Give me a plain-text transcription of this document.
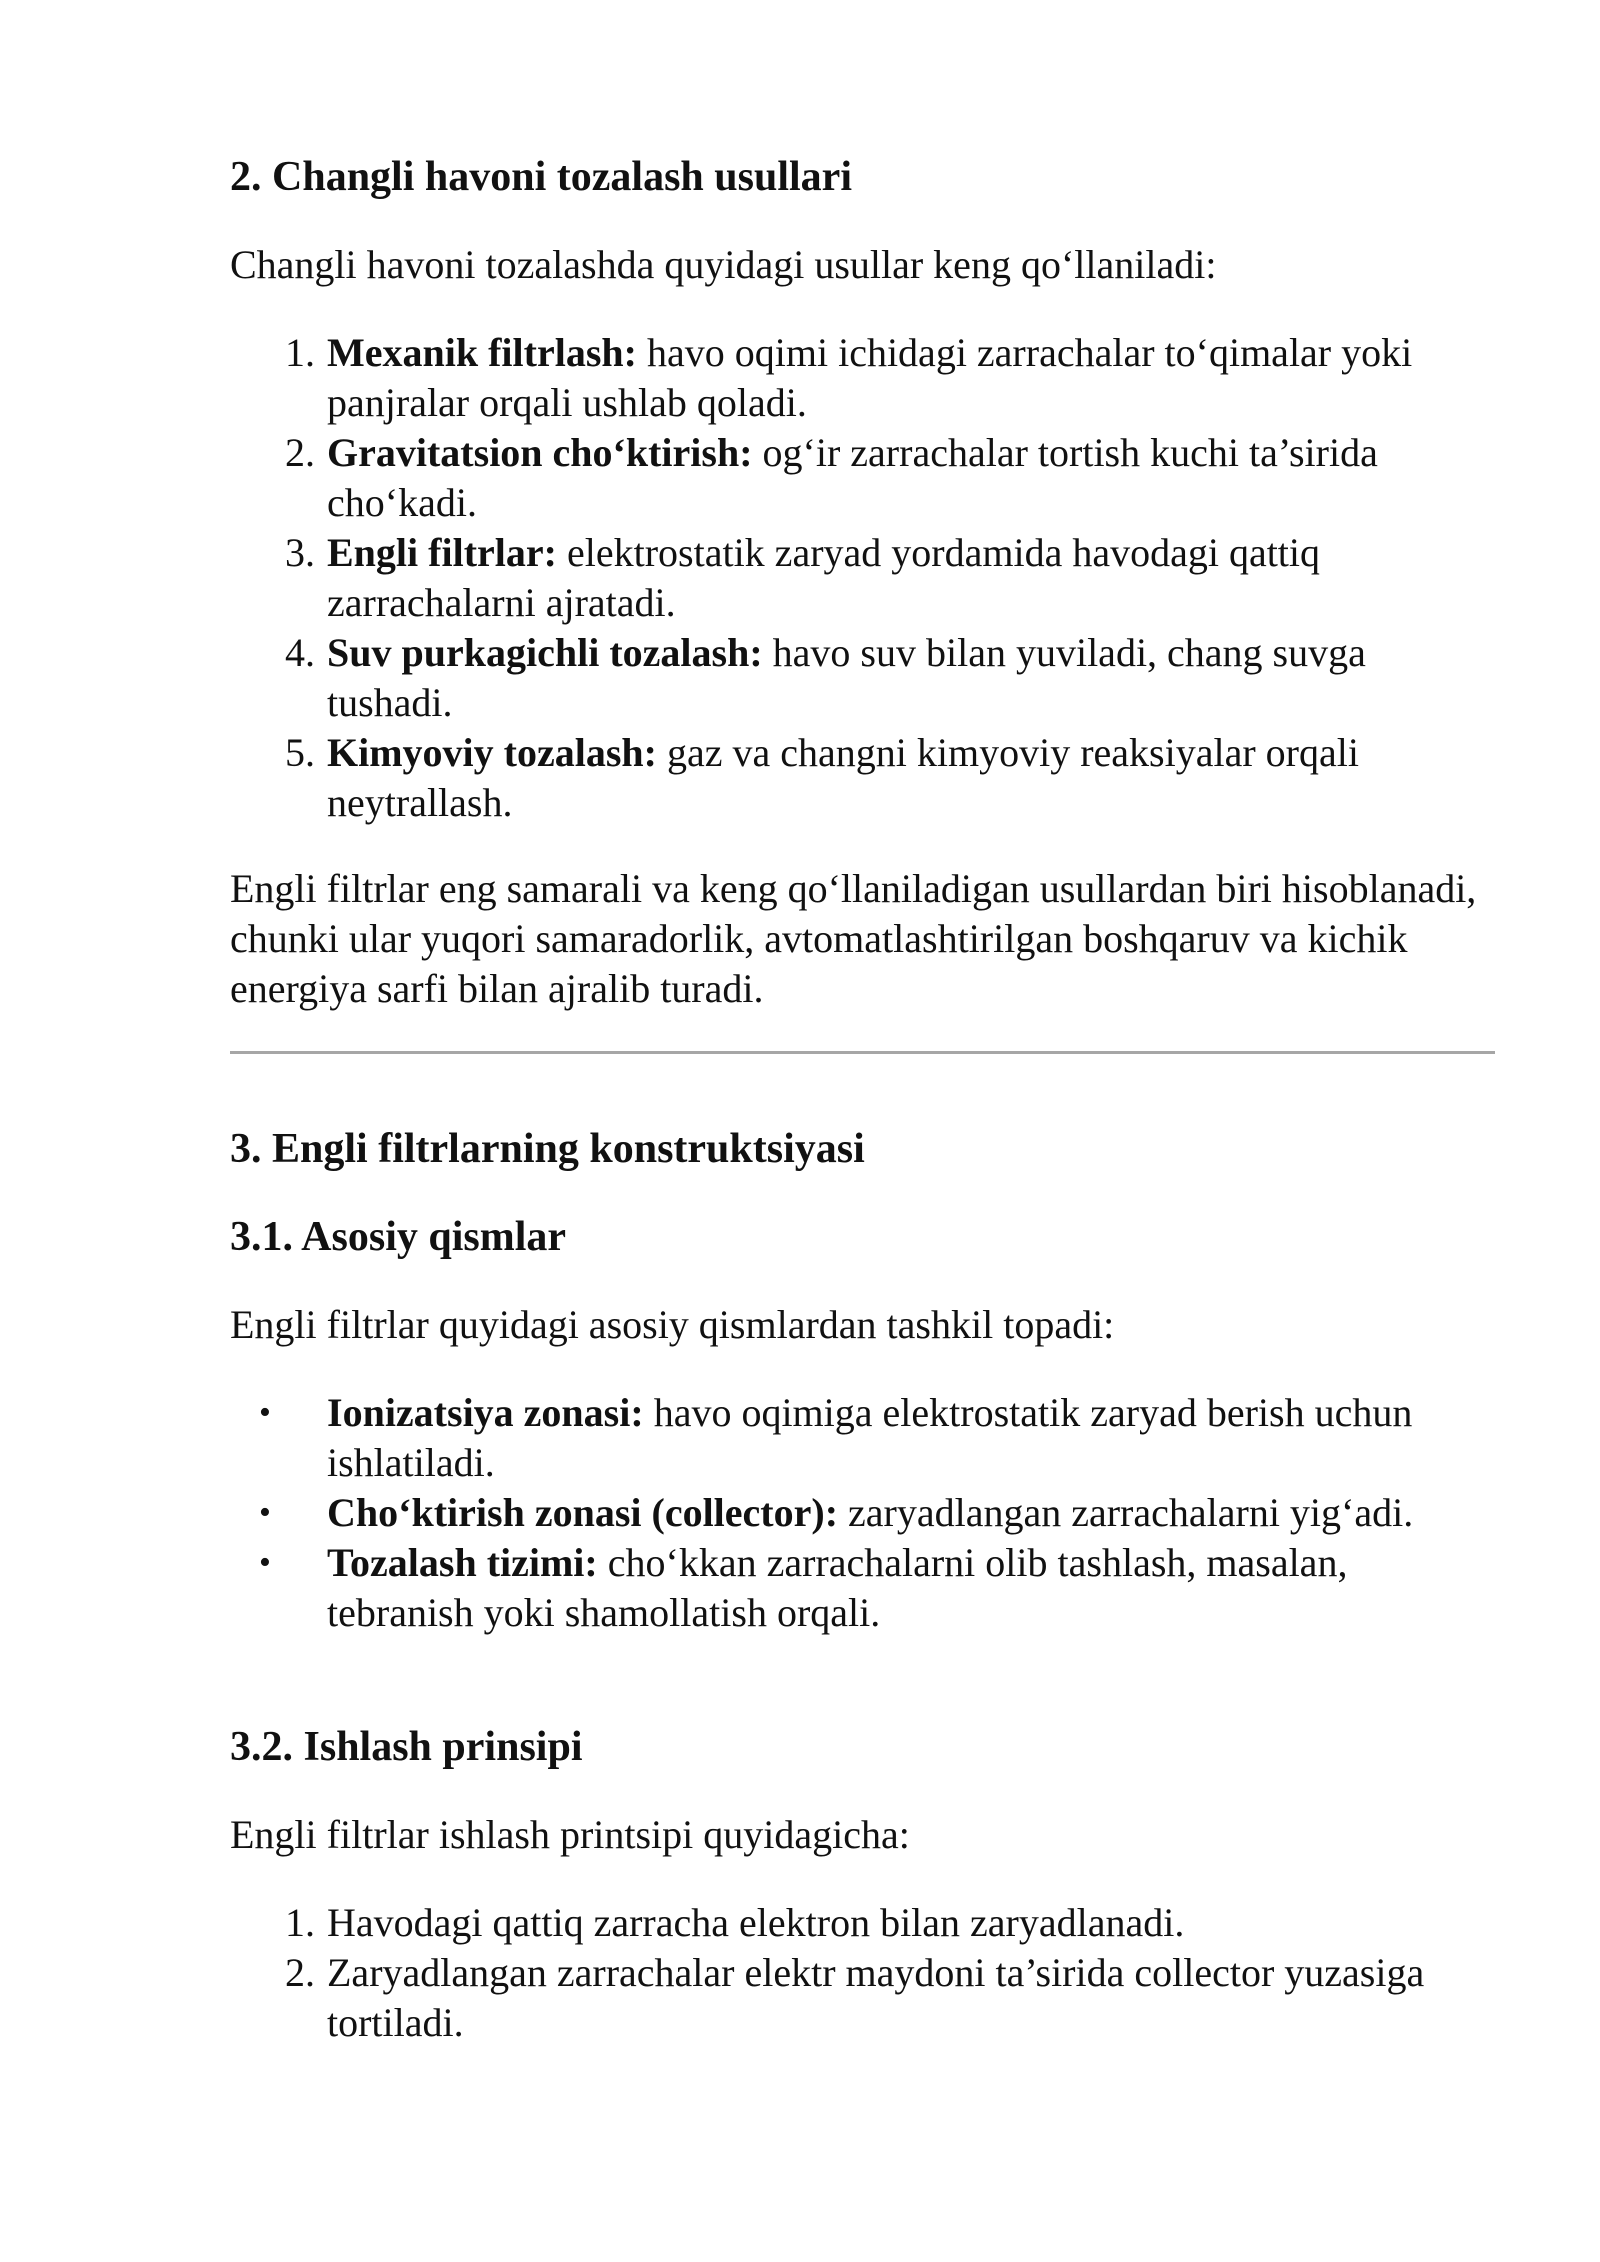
2. Changli havoni tozalash usullari

Changli havoni tozalashda quyidagi usullar keng qo‘llaniladi:

1. Mexanik filtrlash: havo oqimi ichidagi zarrachalar to‘qimalar yoki panjralar orqali ushlab qoladi.
2. Gravitatsion cho‘ktirish: og‘ir zarrachalar tortish kuchi ta’sirida cho‘kadi.
3. Engli filtrlar: elektrostatik zaryad yordamida havodagi qattiq zarrachalarni ajratadi.
4. Suv purkagichli tozalash: havo suv bilan yuviladi, chang suvga tushadi.
5. Kimyoviy tozalash: gaz va changni kimyoviy reaksiyalar orqali neytrallash.

Engli filtrlar eng samarali va keng qo‘llaniladigan usullardan biri hisoblanadi, chunki ular yuqori samaradorlik, avtomatlashtirilgan boshqaruv va kichik energiya sarfi bilan ajralib turadi.

3. Engli filtrlarning konstruktsiyasi
3.1. Asosiy qismlar

Engli filtrlar quyidagi asosiy qismlardan tashkil topadi:

•	Ionizatsiya zonasi: havo oqimiga elektrostatik zaryad berish uchun ishlatiladi.
•	Cho‘ktirish zonasi (collector): zaryadlangan zarrachalarni yig‘adi.
•	Tozalash tizimi: cho‘kkan zarrachalarni olib tashlash, masalan, tebranish yoki shamollatish orqali.
3.2. Ishlash prinsipi

Engli filtrlar ishlash printsipi quyidagicha:

1. Havodagi qattiq zarracha elektron bilan zaryadlanadi.
2. Zaryadlangan zarrachalar elektr maydoni ta’sirida collector yuzasiga tortiladi.
